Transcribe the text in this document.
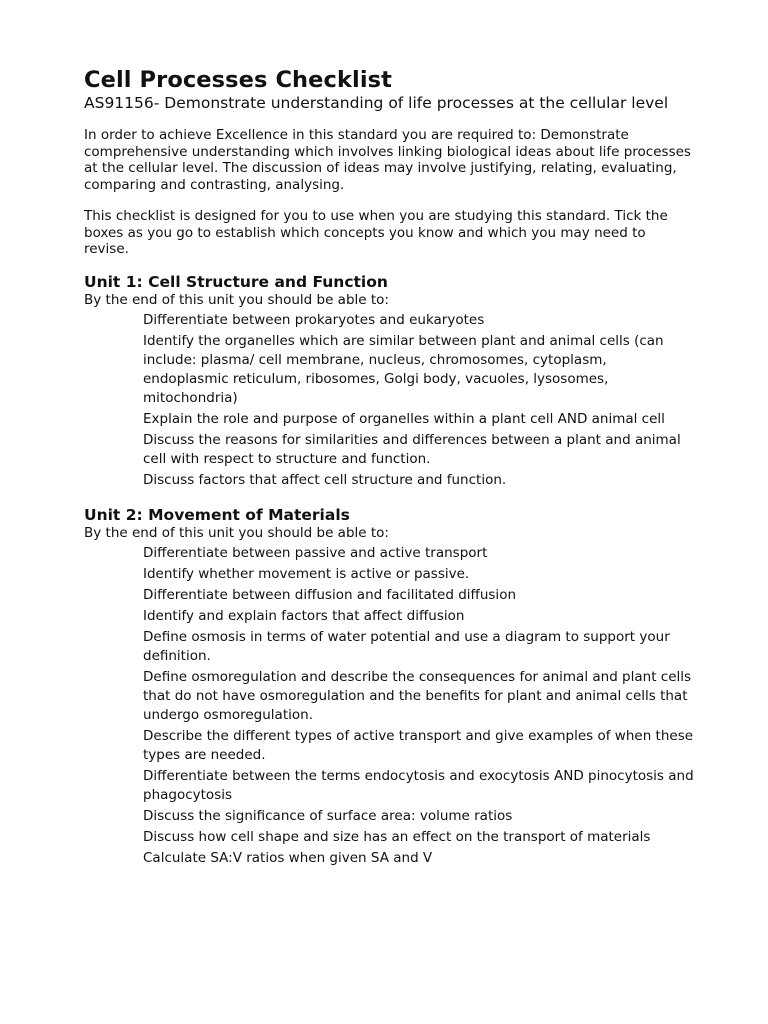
Cell Processes Checklist

AS91156- Demonstrate understanding of life processes at the cellular level

In order to achieve Excellence in this standard you are required to: Demonstrate comprehensive understanding which involves linking biological ideas about life processes at the cellular level. The discussion of ideas may involve justifying, relating, evaluating, comparing and contrasting, analysing.

This checklist is designed for you to use when you are studying this standard. Tick the boxes as you go to establish which concepts you know and which you may need to revise.

Unit 1: Cell Structure and Function

By the end of this unit you should be able to:

Differentiate between prokaryotes and eukaryotes
Identify the organelles which are similar between plant and animal cells (can include: plasma/ cell membrane, nucleus, chromosomes, cytoplasm, endoplasmic reticulum, ribosomes, Golgi body, vacuoles, lysosomes, mitochondria)
Explain the role and purpose of organelles within a plant cell AND animal cell
Discuss the reasons for similarities and differences between a plant and animal cell with respect to structure and function.
Discuss factors that affect cell structure and function.
Unit 2: Movement of Materials

By the end of this unit you should be able to:

Differentiate between passive and active transport
Identify whether movement is active or passive.
Differentiate between diffusion and facilitated diffusion
Identify and explain factors that affect diffusion
Define osmosis in terms of water potential and use a diagram to support your definition.
Define osmoregulation and describe the consequences for animal and plant cells that do not have osmoregulation and the benefits for plant and animal cells that undergo osmoregulation.
Describe the different types of active transport and give examples of when these types are needed.
Differentiate between the terms endocytosis and exocytosis AND pinocytosis and phagocytosis
Discuss the significance of surface area: volume ratios
Discuss how cell shape and size has an effect on the transport of materials
Calculate SA:V ratios when given SA and V
